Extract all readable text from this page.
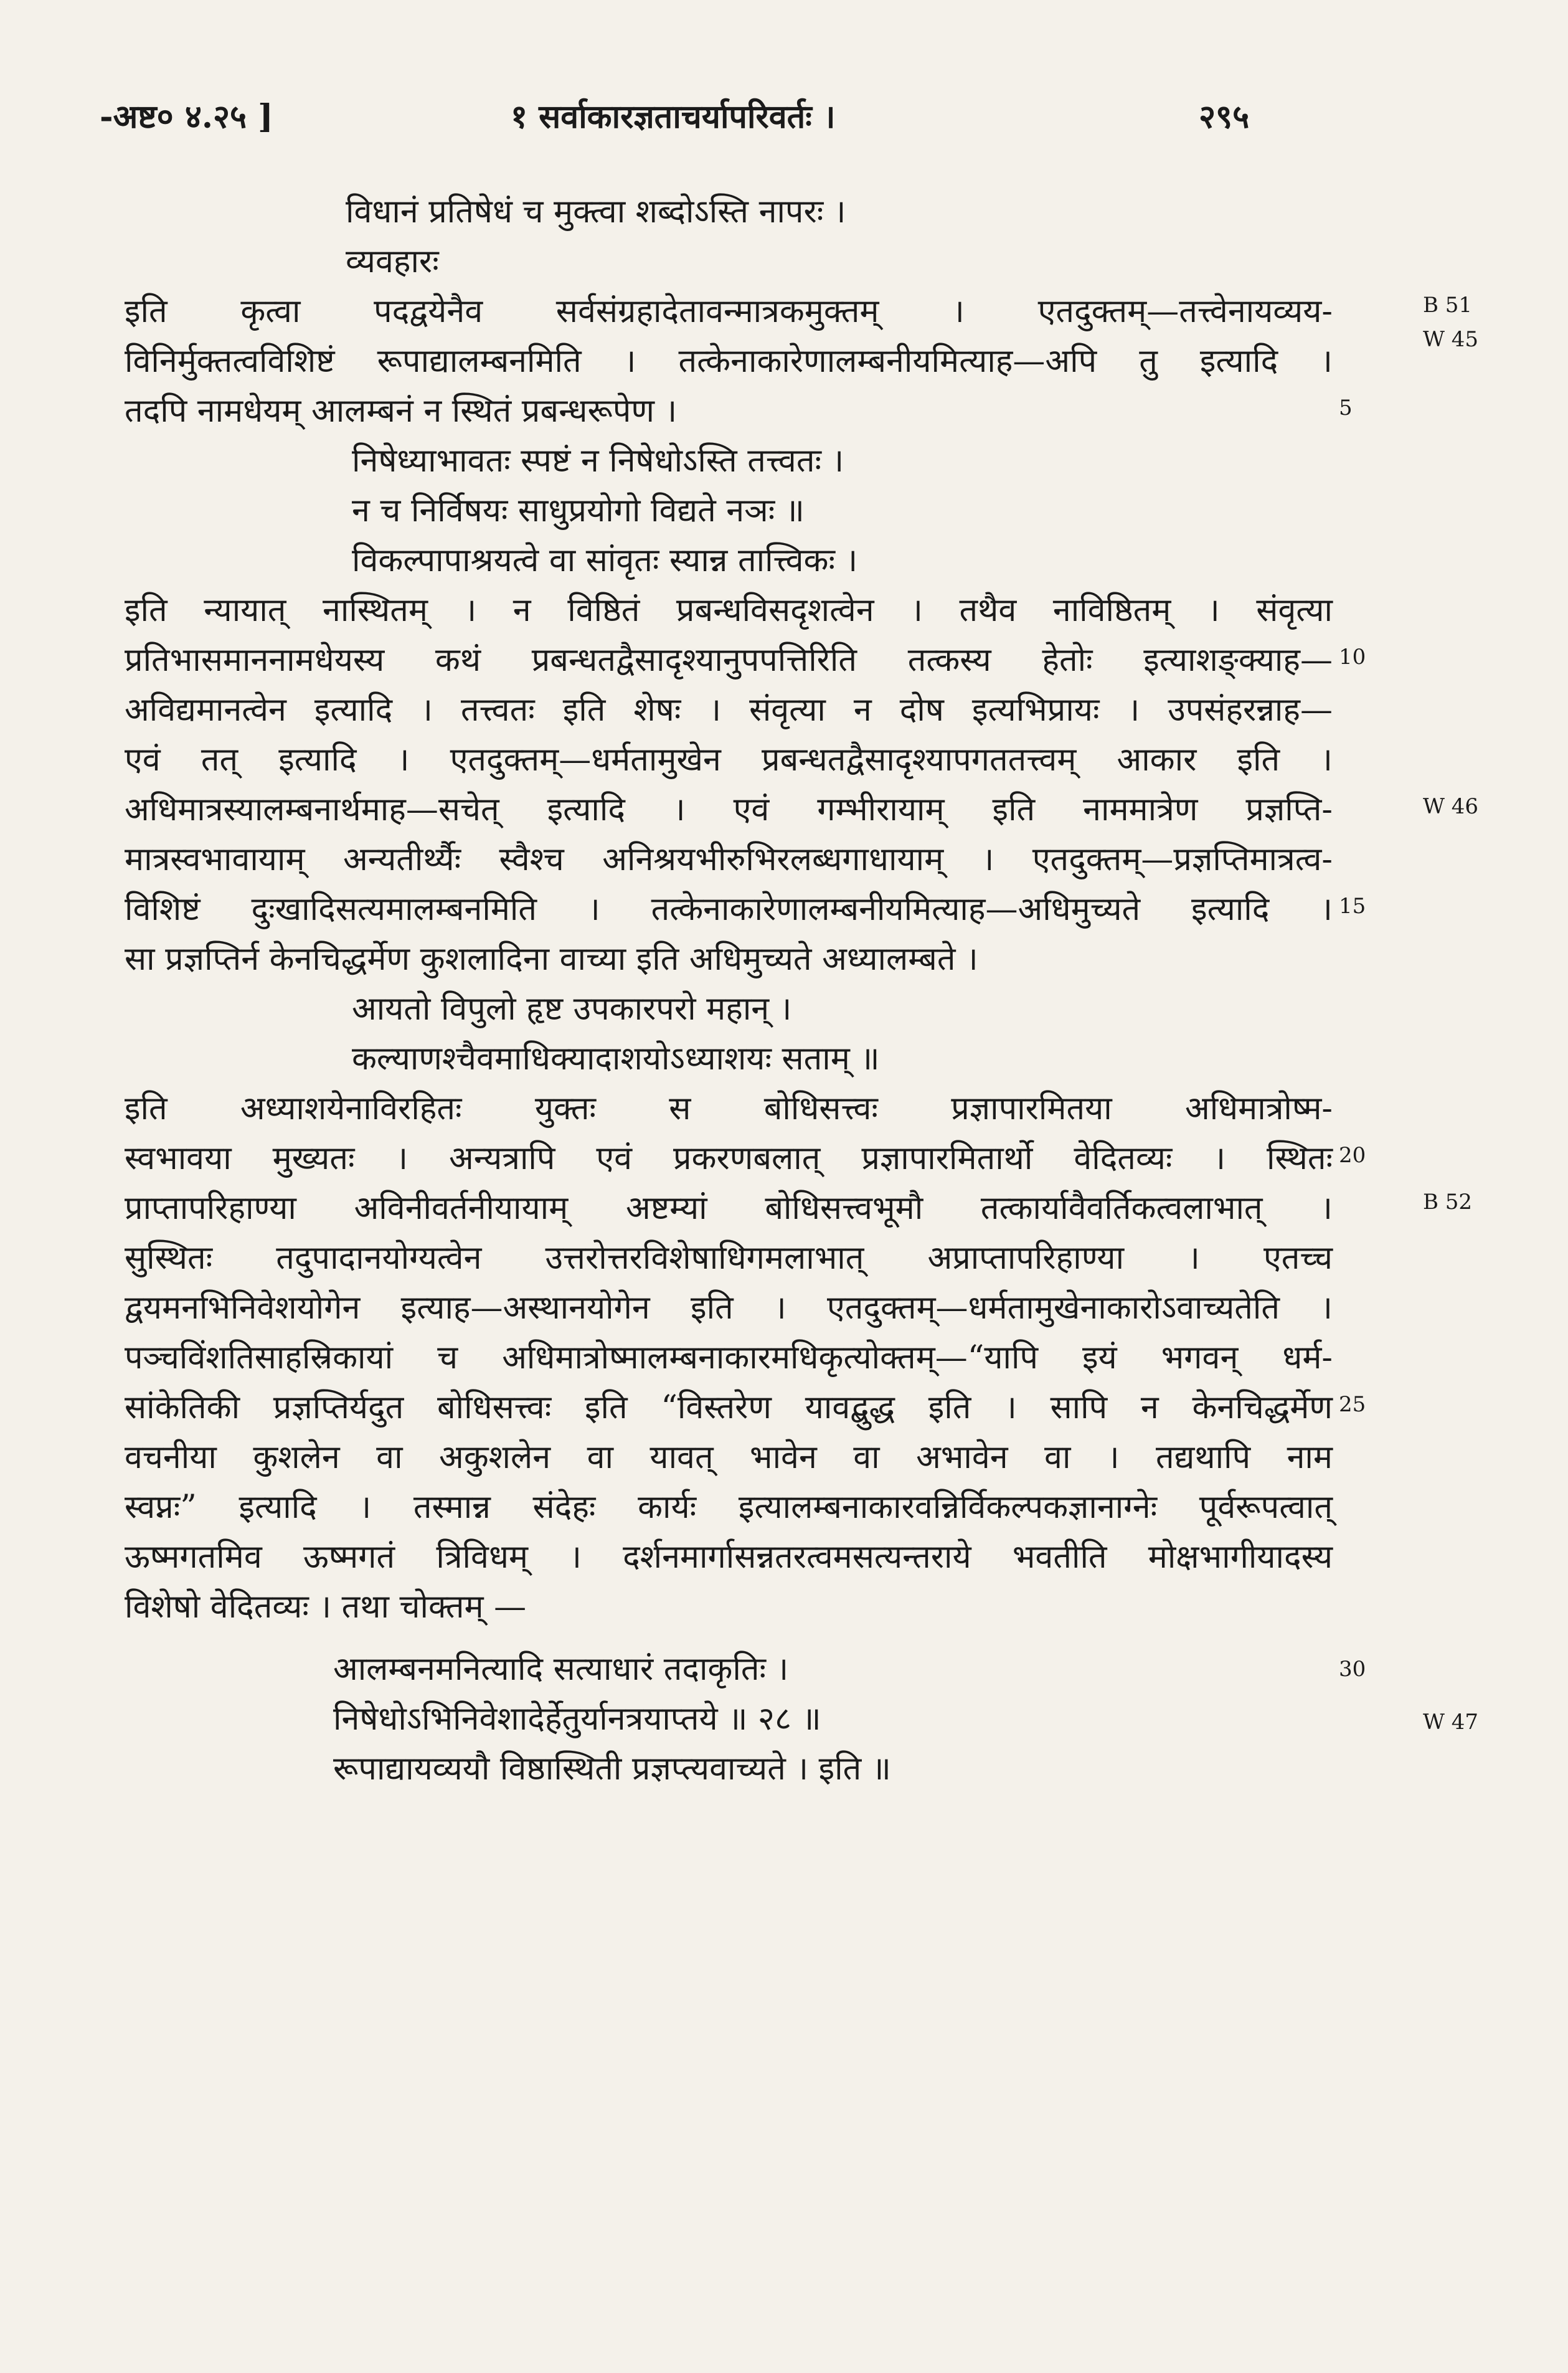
-अष्ट० ४.२५ ]	१ सर्वाकारज्ञताचर्यापरिवर्तः ।	२९५
विधानं प्रतिषेधं च मुक्त्वा शब्दोऽस्ति नापरः ।
व्यवहारः
इति कृत्वा पदद्वयेनैव सर्वसंग्रहादेतावन्मात्रकमुक्तम् । एतदुक्तम्—तत्त्वेनायव्यय-
विनिर्मुक्तत्वविशिष्टं रूपाद्यालम्बनमिति । तत्केनाकारेणालम्बनीयमित्याह—अपि तु इत्यादि ।
तदपि नामधेयम् आलम्बनं न स्थितं प्रबन्धरूपेण ।
निषेध्याभावतः स्पष्टं न निषेधोऽस्ति तत्त्वतः ।
न च निर्विषयः साधुप्रयोगो विद्यते नञः ॥
विकल्पापाश्रयत्वे वा सांवृतः स्यान्न तात्त्विकः ।
इति न्यायात् नास्थितम् । न विष्ठितं प्रबन्धविसदृशत्वेन । तथैव नाविष्ठितम् । संवृत्या
प्रतिभासमाननामधेयस्य कथं प्रबन्धतद्वैसादृश्यानुपपत्तिरिति तत्कस्य हेतोः इत्याशङ्क्याह—
अविद्यमानत्वेन इत्यादि । तत्त्वतः इति शेषः । संवृत्या न दोष इत्यभिप्रायः । उपसंहरन्नाह—
एवं तत् इत्यादि । एतदुक्तम्—धर्मतामुखेन प्रबन्धतद्वैसादृश्यापगततत्त्वम् आकार इति ।
अधिमात्रस्यालम्बनार्थमाह—सचेत् इत्यादि । एवं गम्भीरायाम् इति नाममात्रेण प्रज्ञप्ति-
मात्रस्वभावायाम् अन्यतीर्थ्यैः स्वैश्च अनिश्रयभीरुभिरलब्धगाधायाम् । एतदुक्तम्—प्रज्ञप्तिमात्रत्व-
विशिष्टं दुःखादिसत्यमालम्बनमिति । तत्केनाकारेणालम्बनीयमित्याह—अधिमुच्यते इत्यादि ।
सा प्रज्ञप्तिर्न केनचिद्धर्मेण कुशलादिना वाच्या इति अधिमुच्यते अध्यालम्बते ।
आयतो विपुलो हृष्ट उपकारपरो महान् ।
कल्याणश्चैवमाधिक्यादाशयोऽध्याशयः सताम् ॥
इति अध्याशयेनाविरहितः युक्तः स बोधिसत्त्वः प्रज्ञापारमितया अधिमात्रोष्म-
स्वभावया मुख्यतः । अन्यत्रापि एवं प्रकरणबलात् प्रज्ञापारमितार्थो वेदितव्यः । स्थितः
प्राप्तापरिहाण्या अविनीवर्तनीयायाम् अष्टम्यां बोधिसत्त्वभूमौ तत्कार्यावैवर्तिकत्वलाभात् ।
सुस्थितः तदुपादानयोग्यत्वेन उत्तरोत्तरविशेषाधिगमलाभात् अप्राप्तापरिहाण्या । एतच्च
द्वयमनभिनिवेशयोगेन इत्याह—अस्थानयोगेन इति । एतदुक्तम्—धर्मतामुखेनाकारोऽवाच्यतेति ।
पञ्चविंशतिसाहस्रिकायां च अधिमात्रोष्मालम्बनाकारमधिकृत्योक्तम्—“यापि इयं भगवन् धर्म-
सांकेतिकी प्रज्ञप्तिर्यदुत बोधिसत्त्वः इति “विस्तरेण यावद्बुद्ध इति । सापि न केनचिद्धर्मेण
वचनीया कुशलेन वा अकुशलेन वा यावत् भावेन वा अभावेन वा । तद्यथापि नाम
स्वप्नः” इत्यादि । तस्मान्न संदेहः कार्यः इत्यालम्बनाकारवन्निर्विकल्पकज्ञानाग्नेः पूर्वरूपत्वात्
ऊष्मगतमिव ऊष्मगतं त्रिविधम् । दर्शनमार्गासन्नतरत्वमसत्यन्तराये भवतीति मोक्षभागीयादस्य
विशेषो वेदितव्यः । तथा चोक्तम् —
आलम्बनमनित्यादि सत्याधारं तदाकृतिः ।
निषेधोऽभिनिवेशादेर्हेतुर्यानत्रयाप्तये ॥ २८ ॥
रूपाद्यायव्ययौ विष्ठास्थिती प्रज्ञप्त्यवाच्यते । इति ॥
5
10
15
20
25
30
B 51
W 45
W 46
B 52
W 47
